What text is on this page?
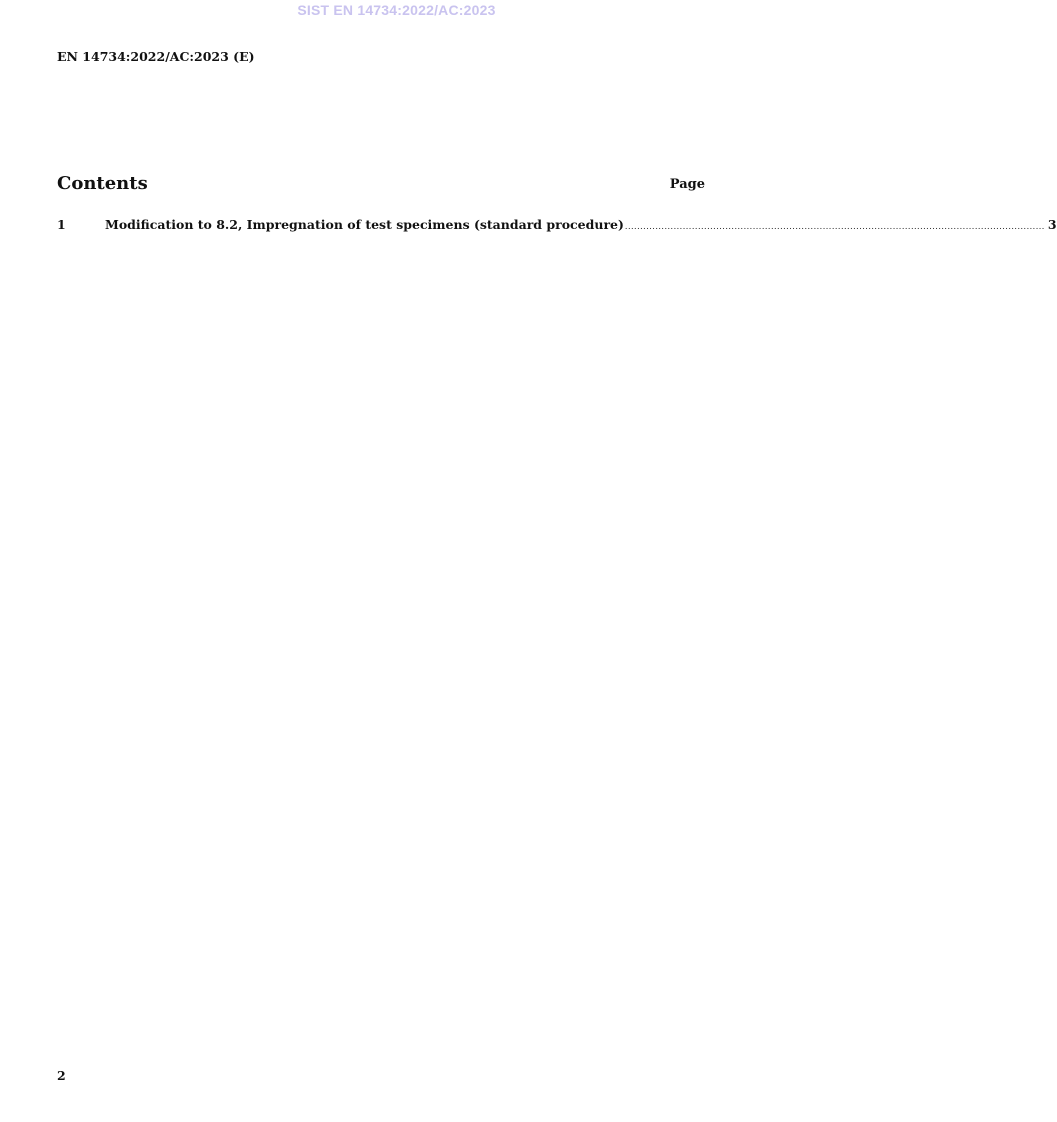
SIST EN 14734:2022/AC:2023
EN 14734:2022/AC:2023 (E)
Contents	Page
1	Modification to 8.2, Impregnation of test specimens (standard procedure) .......................................................................................................................................... 3
2
